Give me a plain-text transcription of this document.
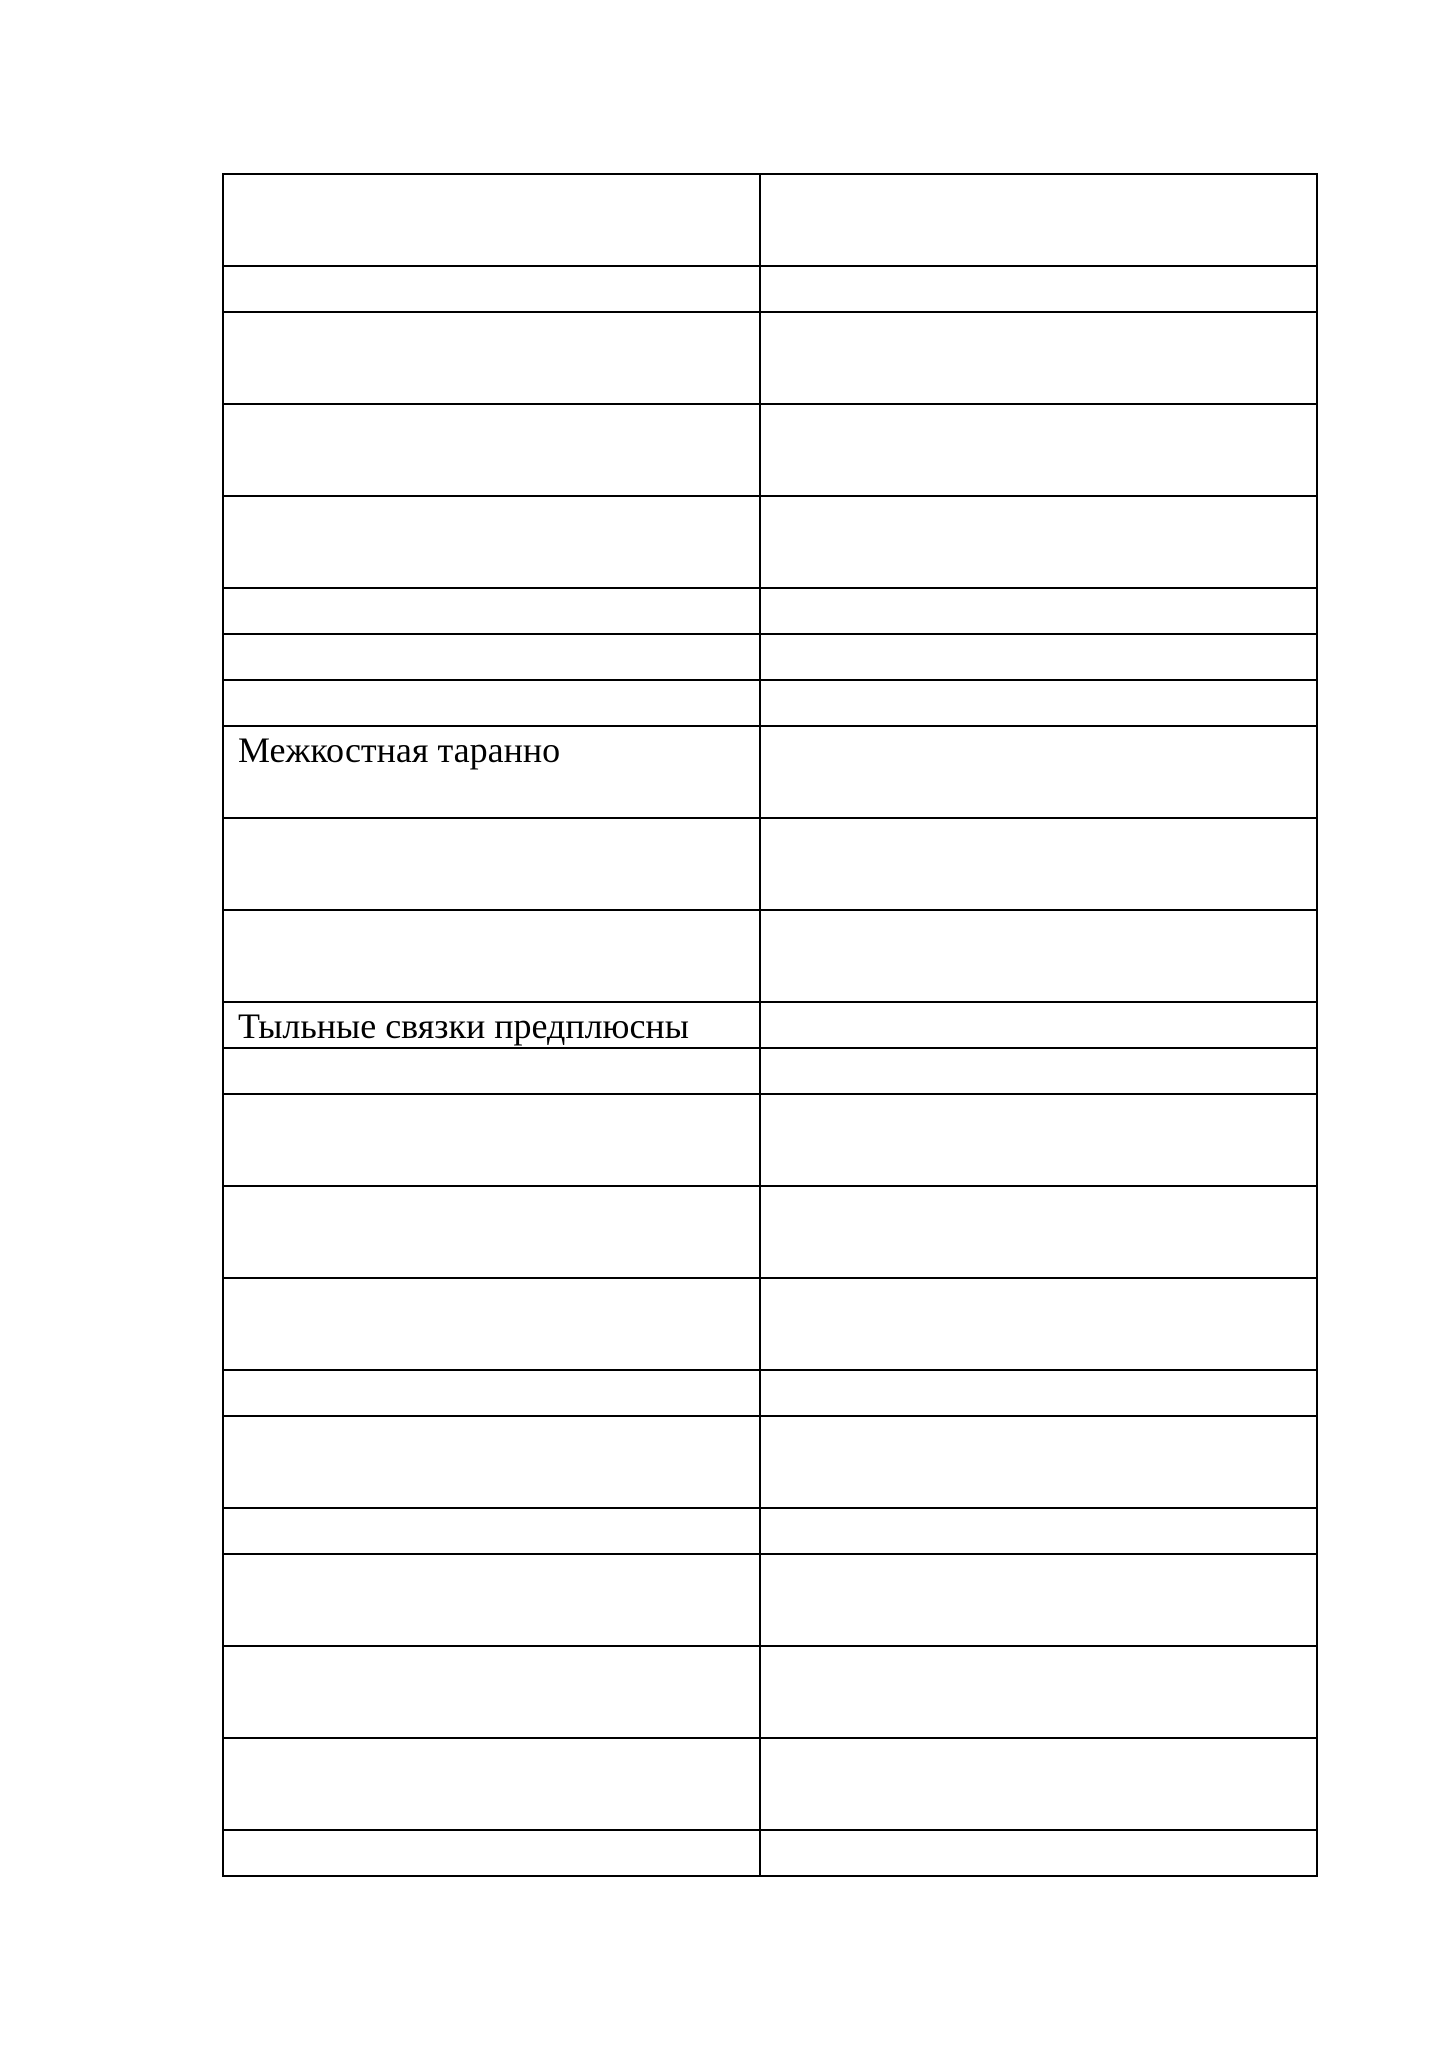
Межкостная таранно	

Тыльные связки предплюсны	
